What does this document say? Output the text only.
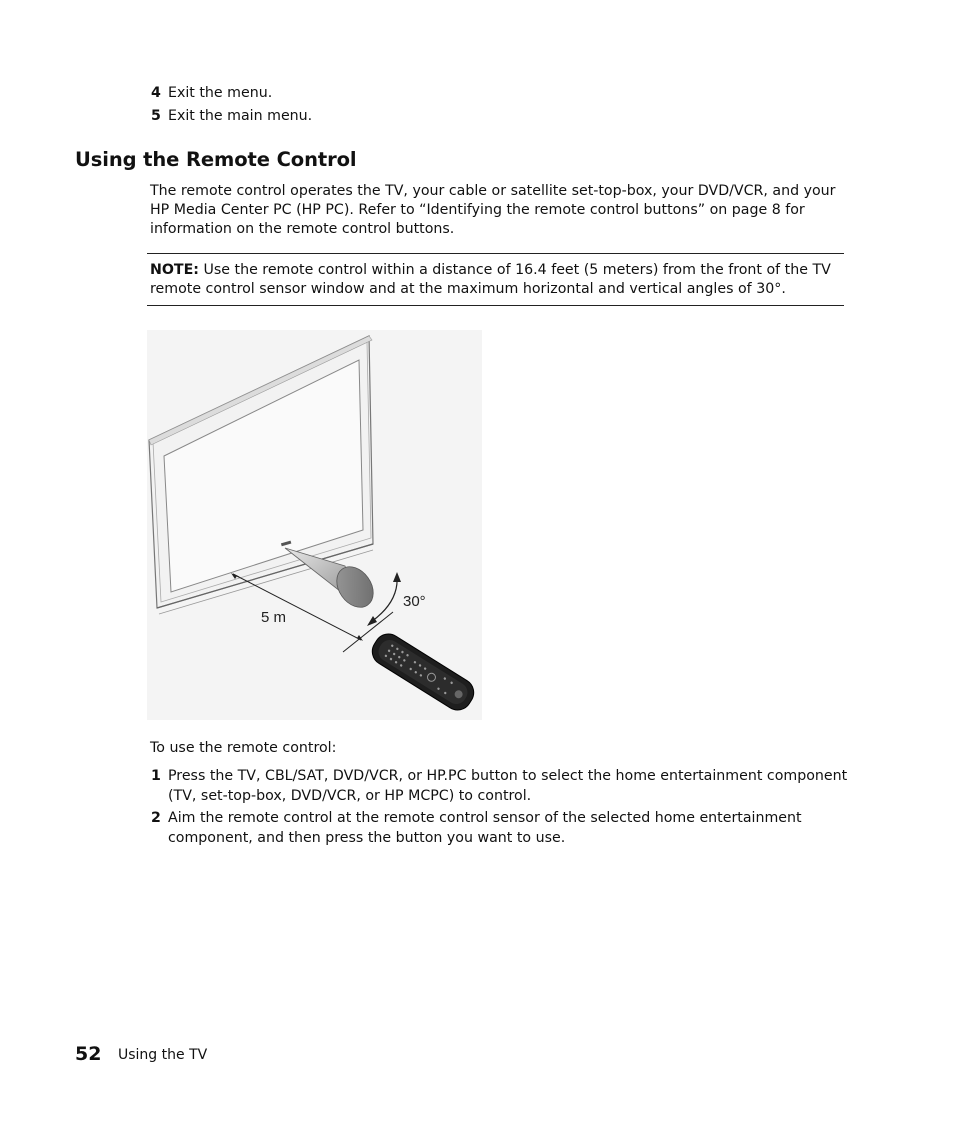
4 Exit the menu.
5 Exit the main menu.
Using the Remote Control
The remote control operates the TV, your cable or satellite set-top-box, your DVD/VCR, and your HP Media Center PC (HP PC). Refer to “Identifying the remote control buttons” on page 8 for information on the remote control buttons.
NOTE: Use the remote control within a distance of 16.4 feet (5 meters) from the front of the TV remote control sensor window and at the maximum horizontal and vertical angles of 30°.
5 m
30°
To use the remote control:
1 Press the TV, CBL/SAT, DVD/VCR, or HP.PC button to select the home entertainment component (TV, set-top-box, DVD/VCR, or HP MCPC) to control.
2 Aim the remote control at the remote control sensor of the selected home entertainment component, and then press the button you want to use.
52 Using the TV
